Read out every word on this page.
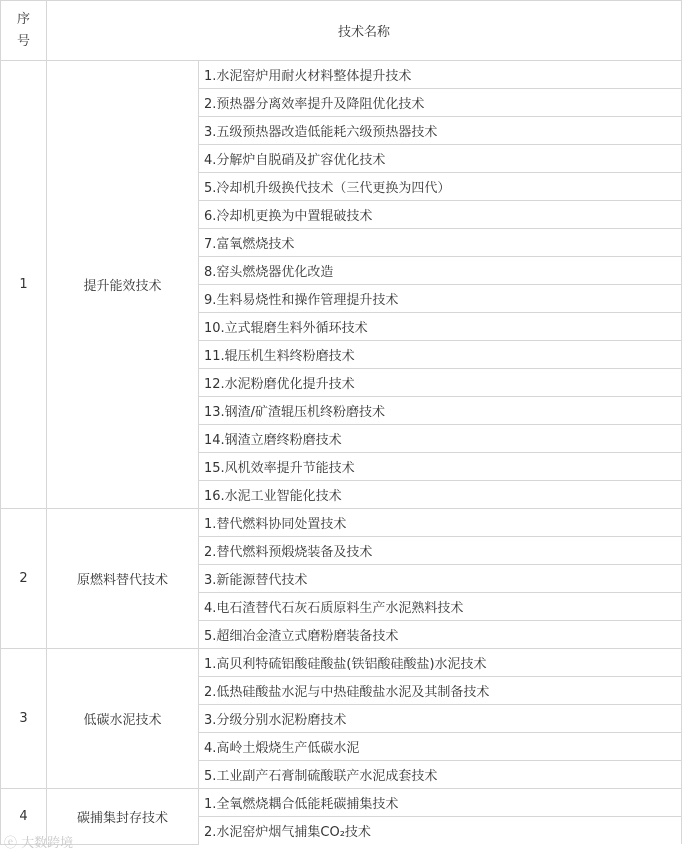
序
号	技术名称	
1	提升能效技术	1.水泥窑炉用耐火材料整体提升技术
		2.预热器分离效率提升及降阻优化技术
		3.五级预热器改造低能耗六级预热器技术
		4.分解炉自脱硝及扩容优化技术
		5.冷却机升级换代技术（三代更换为四代）
		6.冷却机更换为中置辊破技术
		7.富氧燃烧技术
		8.窑头燃烧器优化改造
		9.生料易烧性和操作管理提升技术
		10.立式辊磨生料外循环技术
		11.辊压机生料终粉磨技术
		12.水泥粉磨优化提升技术
		13.钢渣/矿渣辊压机终粉磨技术
		14.钢渣立磨终粉磨技术
		15.风机效率提升节能技术
		16.水泥工业智能化技术
2	原燃料替代技术	1.替代燃料协同处置技术
		2.替代燃料预煅烧装备及技术
		3.新能源替代技术
		4.电石渣替代石灰石质原料生产水泥熟料技术
		5.超细冶金渣立式磨粉磨装备技术
3	低碳水泥技术	1.高贝利特硫铝酸硅酸盐(铁铝酸硅酸盐)水泥技术
		2.低热硅酸盐水泥与中热硅酸盐水泥及其制备技术
		3.分级分别水泥粉磨技术
		4.高岭土煅烧生产低碳水泥
		5.工业副产石膏制硫酸联产水泥成套技术
4	碳捕集封存技术	1.全氧燃烧耦合低能耗碳捕集技术
		2.水泥窑炉烟气捕集CO₂技术
ⓔ 大数跨境
